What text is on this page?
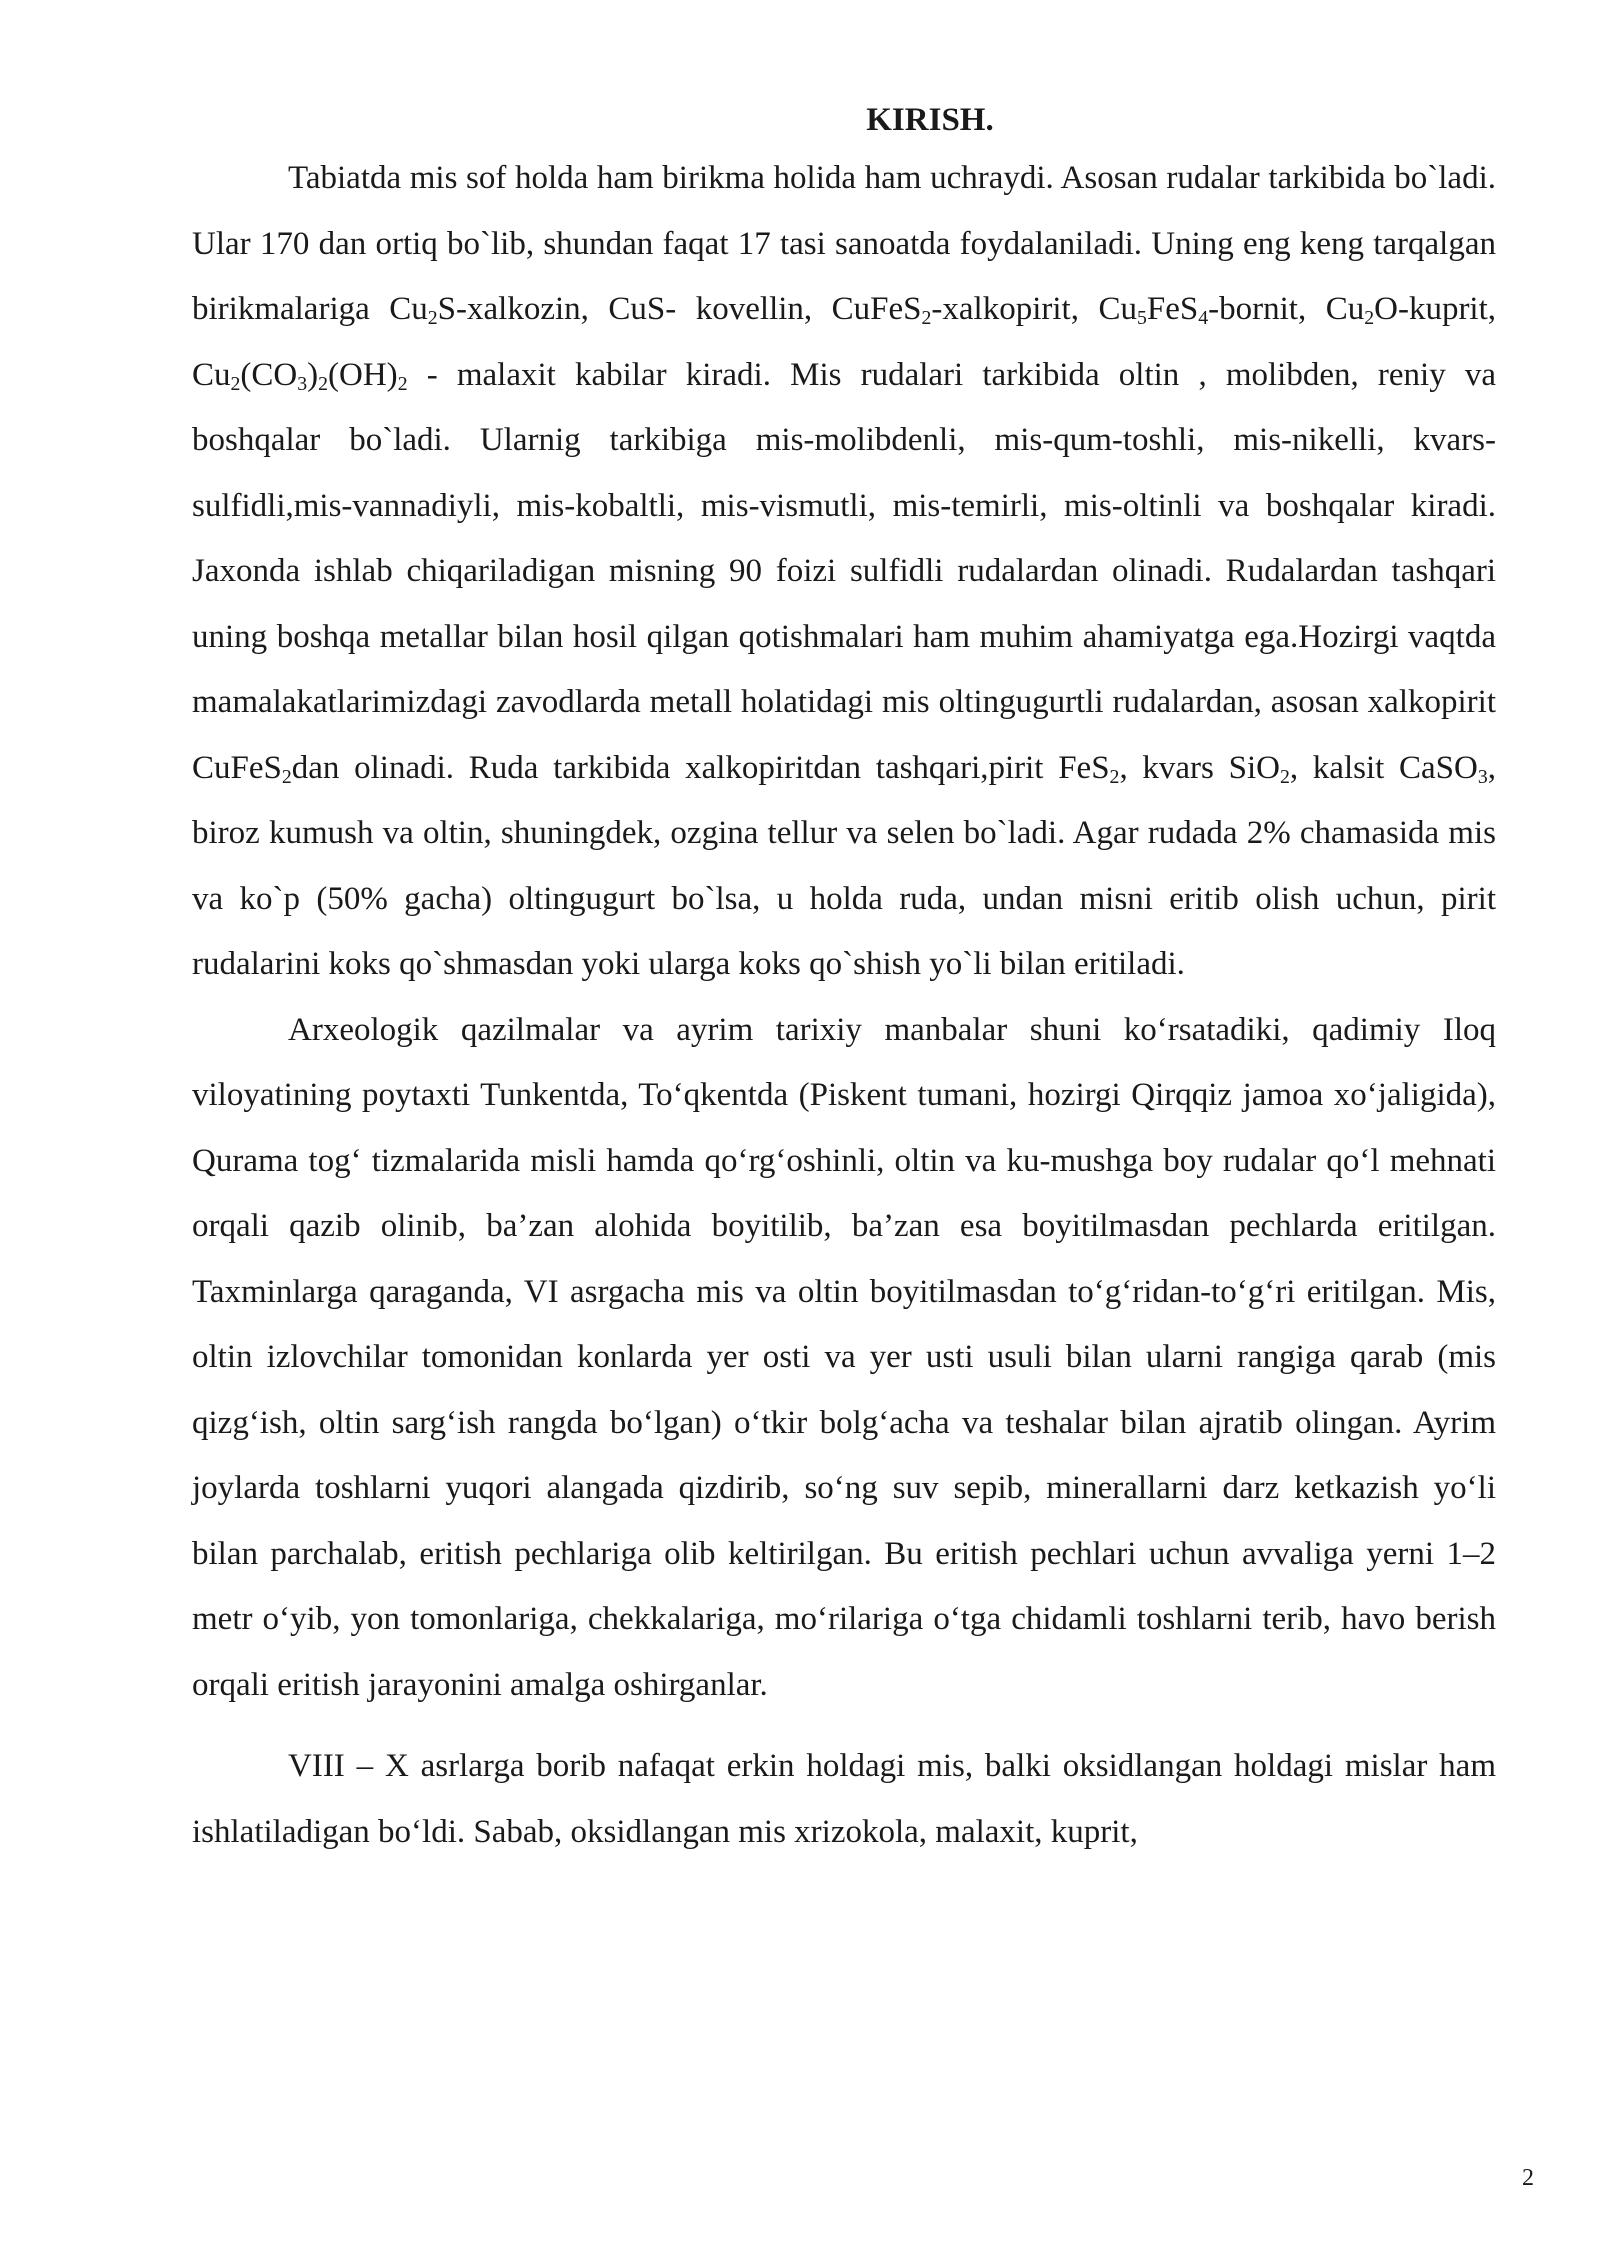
KIRISH.

Tabiatda mis sof holda ham birikma holida ham uchraydi. Asosan rudalar tarkibida bo`ladi. Ular 170 dan ortiq bo`lib, shundan faqat 17 tasi sanoatda foydalaniladi. Uning eng keng tarqalgan birikmalariga $Cu_2S$-xalkozin, CuS- kovellin, CuFeS$_2$-xalkopirit, $Cu_5FeS_4$-bornit, $Cu_2O$-kuprit, $Cu_2(CO_3)_2(OH)_2$ - malaxit kabilar kiradi. Mis rudalari tarkibida oltin , molibden, reniy va boshqalar bo`ladi. Ularnig tarkibiga mis-molibdenli, mis-qum-toshli, mis-nikelli, kvars- sulfidli,mis-vannadiyli, mis-kobaltli, mis-vismutli, mis-temirli, mis-oltinli va boshqalar kiradi. Jaxonda ishlab chiqariladigan misning 90 foizi sulfidli rudalardan olinadi. Rudalardan tashqari uning boshqa metallar bilan hosil qilgan qotishmalari ham muhim ahamiyatga ega.Hozirgi vaqtda mamalakatlarimizdagi zavodlarda metall holatidagi mis oltingugurtli rudalardan, asosan xalkopirit CuFeS$_2$dan olinadi. Ruda tarkibida xalkopiritdan tashqari,pirit FeS$_2$, kvars SiO$_2$, kalsit CaSO$_3$, biroz kumush va oltin, shuningdek, ozgina tellur va selen bo`ladi. Agar rudada 2% chamasida mis va ko`p (50% gacha) oltingugurt bo`lsa, u holda ruda, undan misni eritib olish uchun, pirit rudalarini koks qo`shmasdan yoki ularga koks qo`shish yo`li bilan eritiladi.

Arxeologik qazilmalar va ayrim tarixiy manbalar shuni ko‘rsatadiki, qadimiy Iloq viloyatining poytaxti Tunkentda, To‘qkentda (Piskent tumani, hozirgi Qirqqiz jamoa xo‘jaligida), Qurama tog‘ tizmalarida misli hamda qo‘rg‘oshinli, oltin va ku-mushga boy rudalar qo‘l mehnati orqali qazib olinib, ba’zan alohida boyitilib, ba’zan esa boyitilmasdan pechlarda eritilgan. Taxminlarga qaraganda, VI asrgacha mis va oltin boyitilmasdan to‘g‘ridan-to‘g‘ri eritilgan. Mis, oltin izlovchilar tomonidan konlarda yer osti va yer usti usuli bilan ularni rangiga qarab (mis qizg‘ish, oltin sarg‘ish rangda bo‘lgan) o‘tkir bolg‘acha va teshalar bilan ajratib olingan. Ayrim joylarda toshlarni yuqori alangada qizdirib, so‘ng suv sepib, minerallarni darz ketkazish yo‘li bilan parchalab, eritish pechlariga olib keltirilgan. Bu eritish pechlari uchun avvaliga yerni 1–2 metr o‘yib, yon tomonlariga, chekkalariga, mo‘rilariga o‘tga chidamli toshlarni terib, havo berish orqali eritish jarayonini amalga oshirganlar.

VIII – X asrlarga borib nafaqat erkin holdagi mis, balki oksidlangan holdagi mislar ham ishlatiladigan bo‘ldi. Sabab, oksidlangan mis xrizokola, malaxit, kuprit,

2
